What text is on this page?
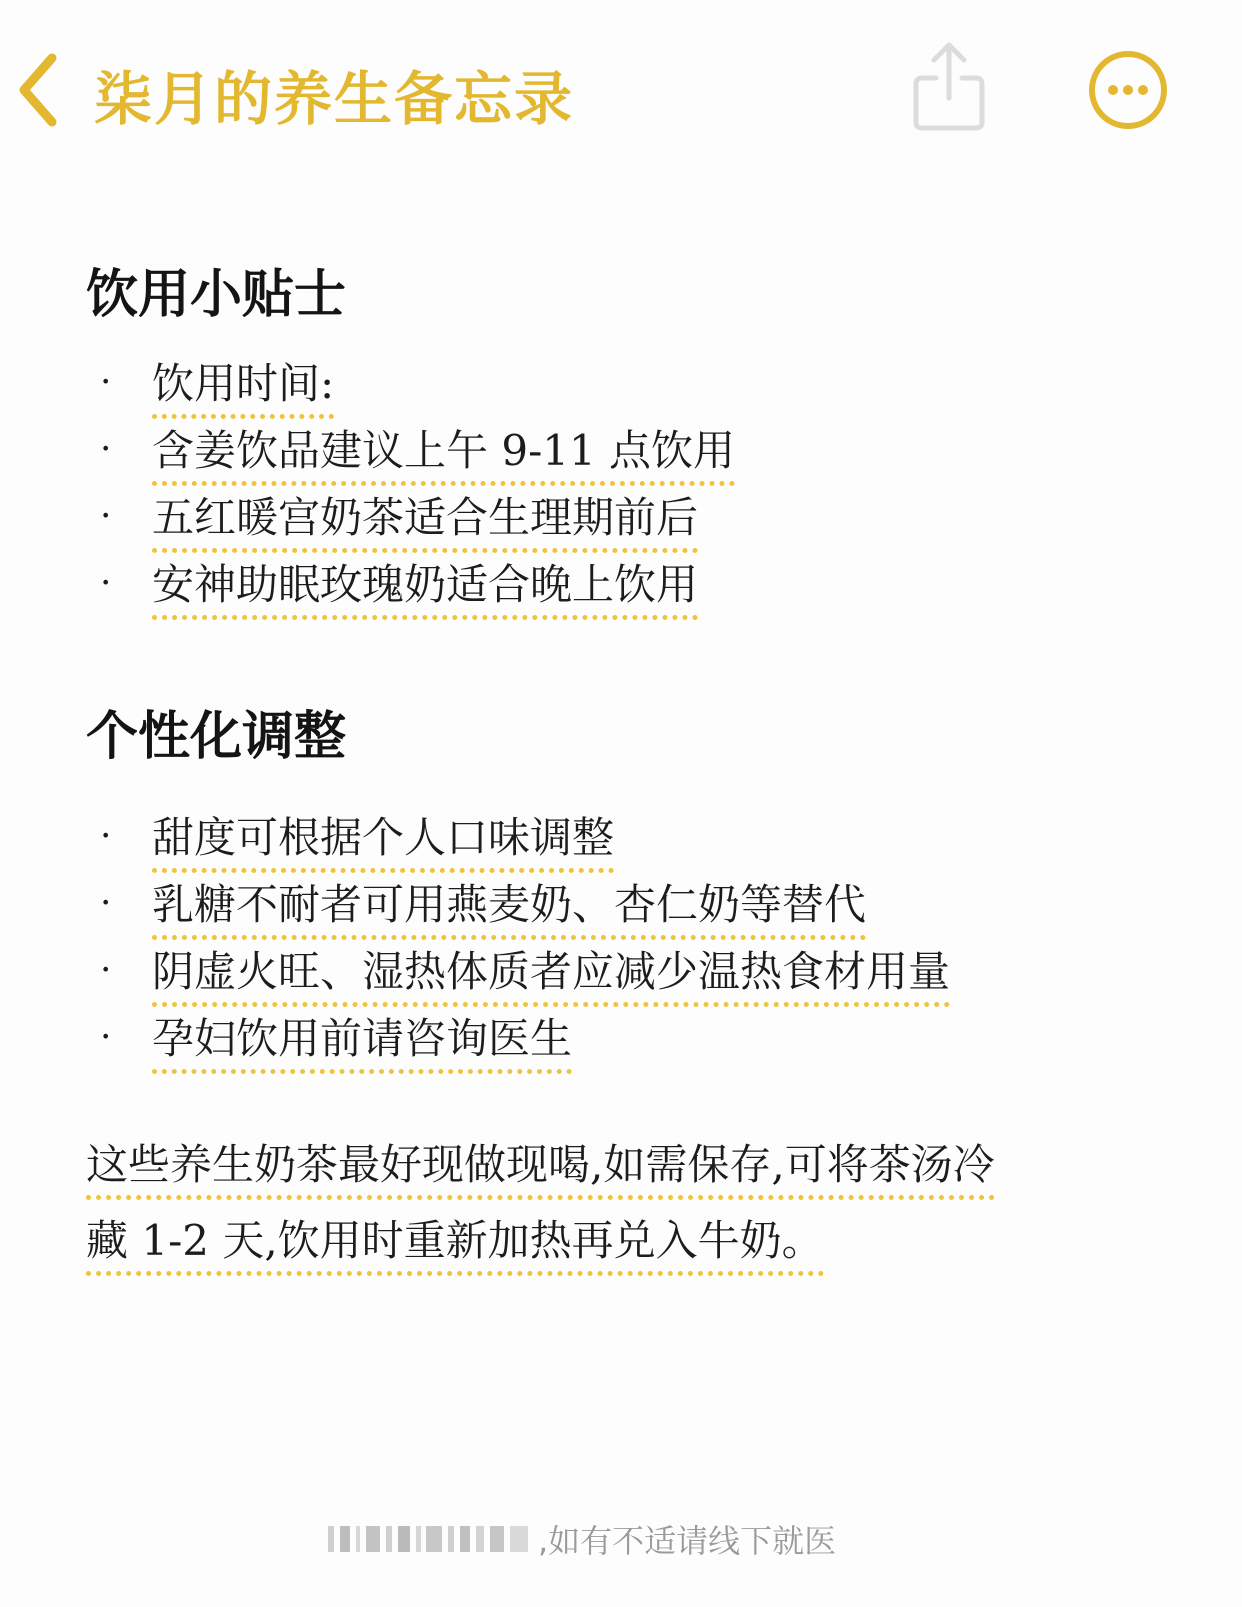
柒月的养生备忘录
饮用小贴士
· 饮用时间:
· 含姜饮品建议上午 9-11 点饮用
· 五红暖宫奶茶适合生理期前后
· 安神助眠玫瑰奶适合晚上饮用
个性化调整
· 甜度可根据个人口味调整
· 乳糖不耐者可用燕麦奶、杏仁奶等替代
· 阴虚火旺、湿热体质者应减少温热食材用量
· 孕妇饮用前请咨询医生
这些养生奶茶最好现做现喝,如需保存,可将茶汤冷
藏 1-2 天,饮用时重新加热再兑入牛奶。
,如有不适请线下就医
